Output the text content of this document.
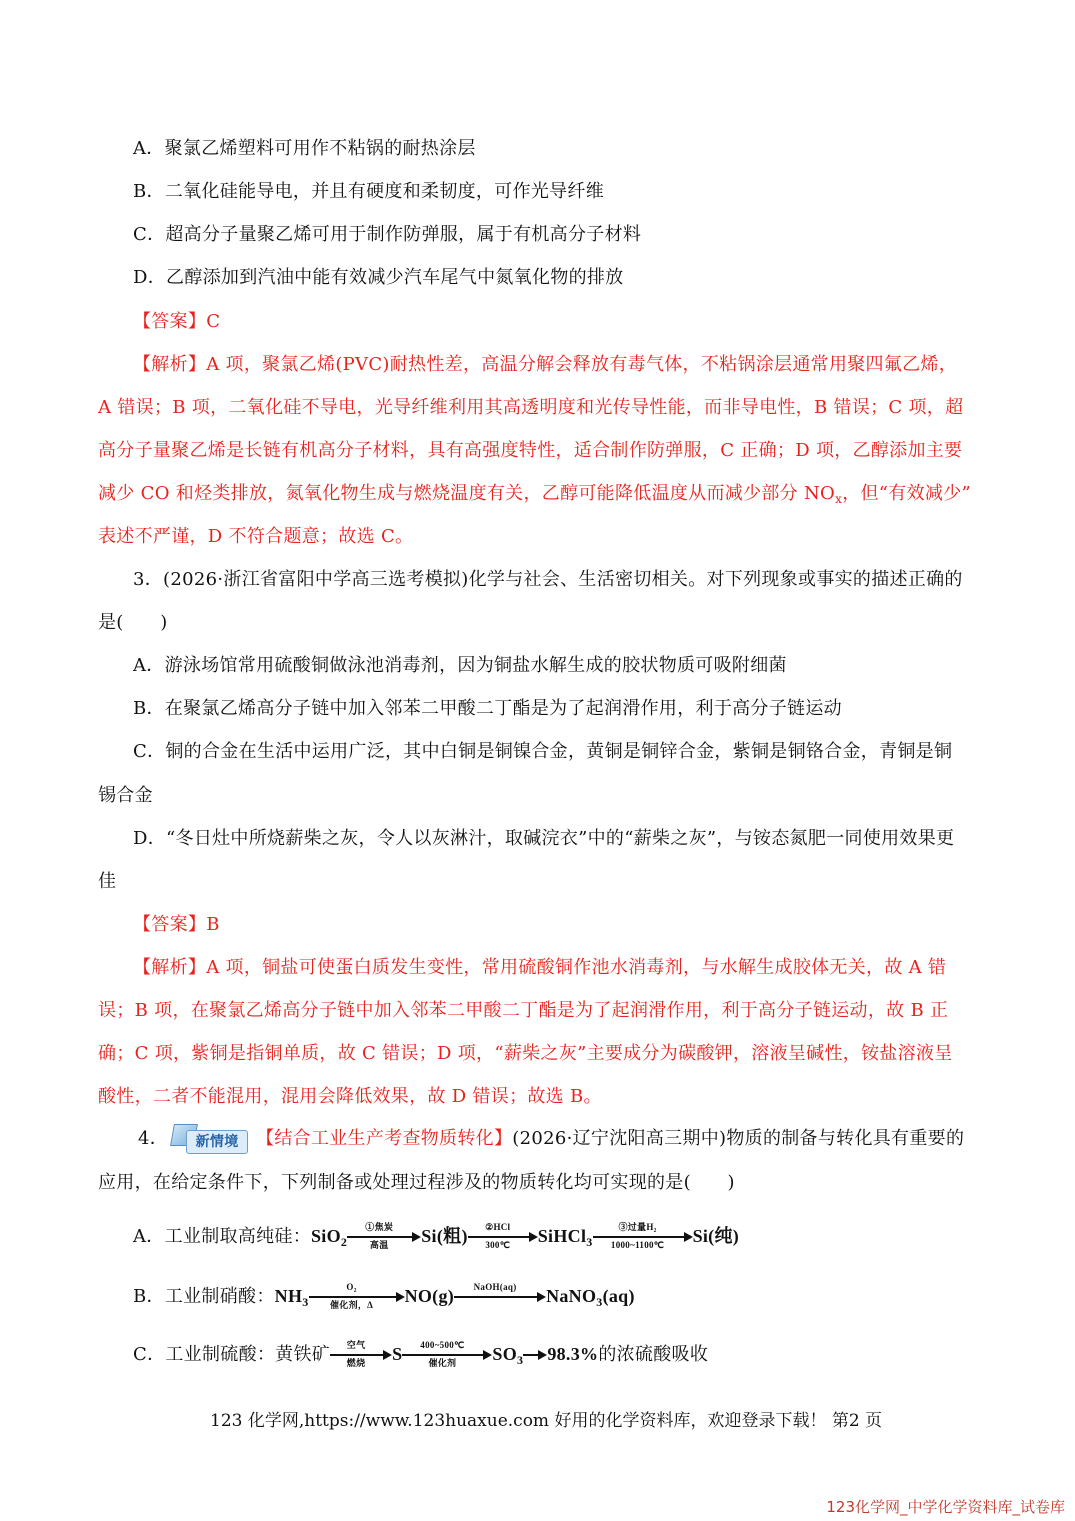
A．聚氯乙烯塑料可用作不粘锅的耐热涂层
B．二氧化硅能导电，并且有硬度和柔韧度，可作光导纤维
C．超高分子量聚乙烯可用于制作防弹服，属于有机高分子材料
D．乙醇添加到汽油中能有效减少汽车尾气中氮氧化物的排放
【答案】C
【解析】A 项，聚氯乙烯(PVC)耐热性差，高温分解会释放有毒气体，不粘锅涂层通常用聚四氟乙烯，
A 错误；B 项，二氧化硅不导电，光导纤维利用其高透明度和光传导性能，而非导电性，B 错误；C 项，超
高分子量聚乙烯是长链有机高分子材料，具有高强度特性，适合制作防弹服，C 正确；D 项，乙醇添加主要
减少 CO 和烃类排放，氮氧化物生成与燃烧温度有关，乙醇可能降低温度从而减少部分 $NO_x$，但“有效减少”
表述不严谨，D 不符合题意；故选 C。
3．(2026·浙江省富阳中学高三选考模拟)化学与社会、生活密切相关。对下列现象或事实的描述正确的
是(　　)
A．游泳场馆常用硫酸铜做泳池消毒剂，因为铜盐水解生成的胶状物质可吸附细菌
B．在聚氯乙烯高分子链中加入邻苯二甲酸二丁酯是为了起润滑作用，利于高分子链运动
C．铜的合金在生活中运用广泛，其中白铜是铜镍合金，黄铜是铜锌合金，紫铜是铜铬合金，青铜是铜
锡合金
D．“冬日灶中所烧薪柴之灰，令人以灰淋汁，取碱浣衣”中的“薪柴之灰”，与铵态氮肥一同使用效果更
佳
【答案】B
【解析】A 项，铜盐可使蛋白质发生变性，常用硫酸铜作池水消毒剂，与水解生成胶体无关，故 A 错
误；B 项，在聚氯乙烯高分子链中加入邻苯二甲酸二丁酯是为了起润滑作用，利于高分子链运动，故 B 正
确；C 项，紫铜是指铜单质，故 C 错误；D 项，“薪柴之灰”主要成分为碳酸钾，溶液呈碱性，铵盐溶液呈
酸性，二者不能混用，混用会降低效果，故 D 错误；故选 B。
4．	新情境 【结合工业生产考查物质转化】(2026·辽宁沈阳高三期中)物质的制备与转化具有重要的
应用，在给定条件下，下列制备或处理过程涉及的物质转化均可实现的是(　　)
A．工业制取高纯硅：SiO$_2$
①焦炭
高温	Si(粗)	②HCl
300℃	SiHCl$_3$
③过量H₂
1000~1100℃	Si(纯)
B．工业制硝酸：$NH_3$
O₂
催化剂，Δ	NO(g)	NaOH(aq)	NaNO$_3$(aq)
C．工业制硫酸：黄铁矿	空气
燃烧	S	400~500℃
催化剂	$SO_3$ 98.3%的浓硫酸吸收
123 化学网,https://www.123huaxue.com 好用的化学资料库，欢迎登录下载！ 第2 页
123化学网_中学化学资料库_试卷库
